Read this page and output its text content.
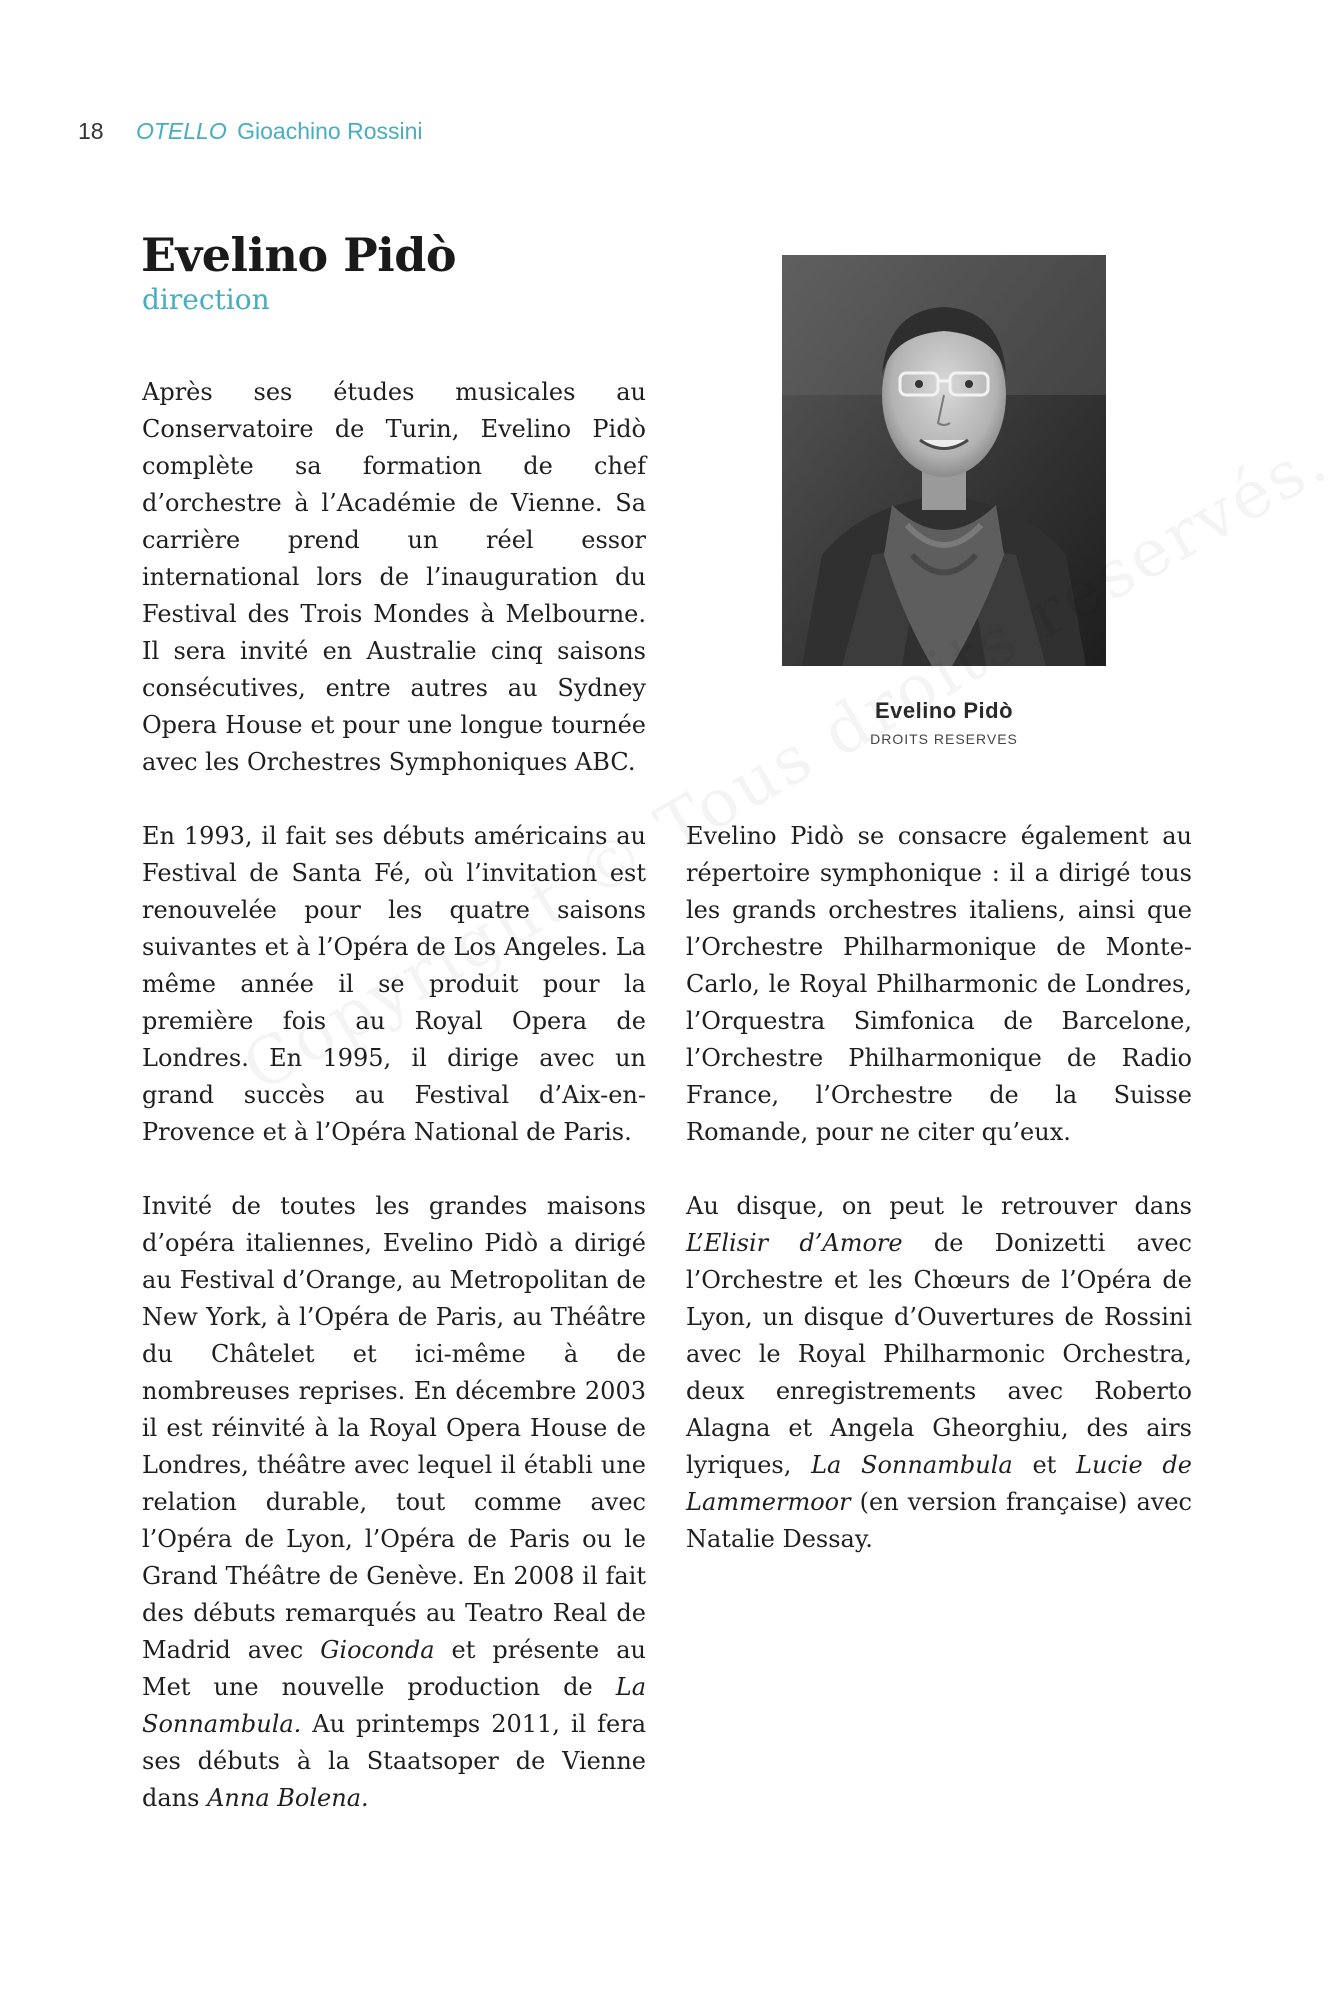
18 OTELLO Gioachino Rossini
Evelino Pidò
direction
Evelino Pidò
DROITS RESERVES

Après ses études musicales au Conservatoire de Turin, Evelino Pidò complète sa formation de chef d’orchestre à l’Académie de Vienne. Sa carrière prend un réel essor international lors de l’inauguration du Festival des Trois Mondes à Melbourne. Il sera invité en Australie cinq saisons consécutives, entre autres au Sydney Opera House et pour une longue tournée avec les Orchestres Symphoniques ABC.

En 1993, il fait ses débuts américains au Festival de Santa Fé, où l’invitation est renouvelée pour les quatre saisons suivantes et à l’Opéra de Los Angeles. La même année il se produit pour la première fois au Royal Opera de Londres. En 1995, il dirige avec un grand succès au Festival d’Aix-en-Provence et à l’Opéra National de Paris.

Invité de toutes les grandes maisons d’opéra italiennes, Evelino Pidò a dirigé au Festival d’Orange, au Metropolitan de New York, à l’Opéra de Paris, au Théâtre du Châtelet et ici-même à de nombreuses reprises. En décembre 2003 il est réinvité à la Royal Opera House de Londres, théâtre avec lequel il établi une relation durable, tout comme avec l’Opéra de Lyon, l’Opéra de Paris ou le Grand Théâtre de Genève. En 2008 il fait des débuts remarqués au Teatro Real de Madrid avec Gioconda et présente au Met une nouvelle production de La Sonnambula. Au printemps 2011, il fera ses débuts à la Staatsoper de Vienne dans Anna Bolena.

Evelino Pidò se consacre également au répertoire symphonique : il a dirigé tous les grands orchestres italiens, ainsi que l’Orchestre Philharmonique de Monte-Carlo, le Royal Philharmonic de Londres, l’Orquestra Simfonica de Barcelone, l’Orchestre Philharmonique de Radio France, l’Orchestre de la Suisse Romande, pour ne citer qu’eux.

Au disque, on peut le retrouver dans L’Elisir d’Amore de Donizetti avec l’Orchestre et les Chœurs de l’Opéra de Lyon, un disque d’Ouvertures de Rossini avec le Royal Philharmonic Orchestra, deux enregistrements avec Roberto Alagna et Angela Gheorghiu, des airs lyriques, La Sonnambula et Lucie de Lammermoor (en version française) avec Natalie Dessay.
